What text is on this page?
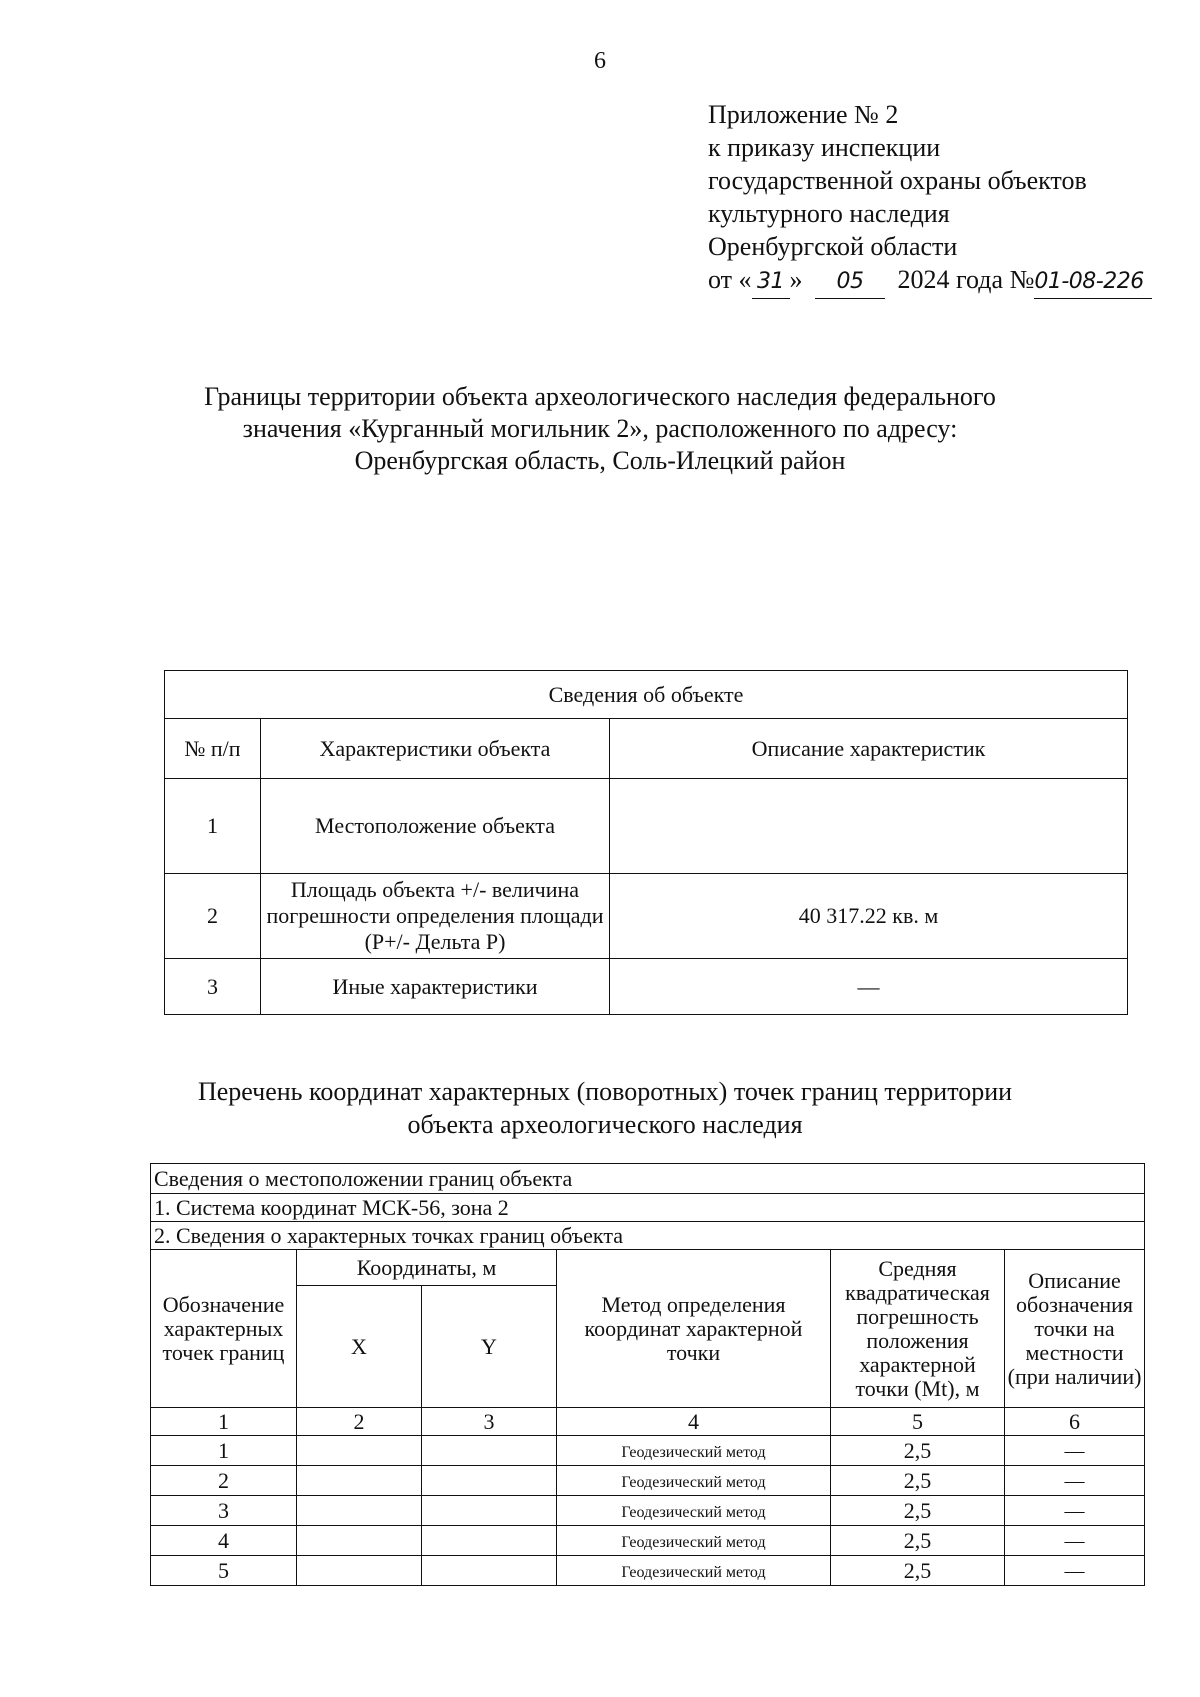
6
Приложение № 2
к приказу инспекции
государственной охраны объектов
культурного наследия
Оренбургской области
от « 31 » 05 2024 года №01-08-226
Границы территории объекта археологического наследия федерального
значения «Курганный могильник 2», расположенного по адресу:
Оренбургская область, Соль-Илецкий район
Сведения об объекте		
№ п/п	Характеристики объекта	Описание характеристик
1	Местоположение объекта	
2	Площадь объекта +/- величина погрешности определения площади (Р+/- Дельта Р)	40 317.22 кв. м
3	Иные характеристики	—
Перечень координат характерных (поворотных) точек границ территории
объекта археологического наследия
Сведения о местоположении границ объекта					
1. Система координат МСК-56, зона 2					
2. Сведения о характерных точках границ объекта					
Обозначение характерных точек границ	Координаты, м		Метод определения координат характерной точки	Средняя квадратическая погрешность положения характерной точки (Mt), м	Описание обозначения точки на местности (при наличии)
	X	Y			
1	2	3	4	5	6
1			Геодезический метод	2,5	—
2			Геодезический метод	2,5	—
3			Геодезический метод	2,5	—
4			Геодезический метод	2,5	—
5			Геодезический метод	2,5	—
